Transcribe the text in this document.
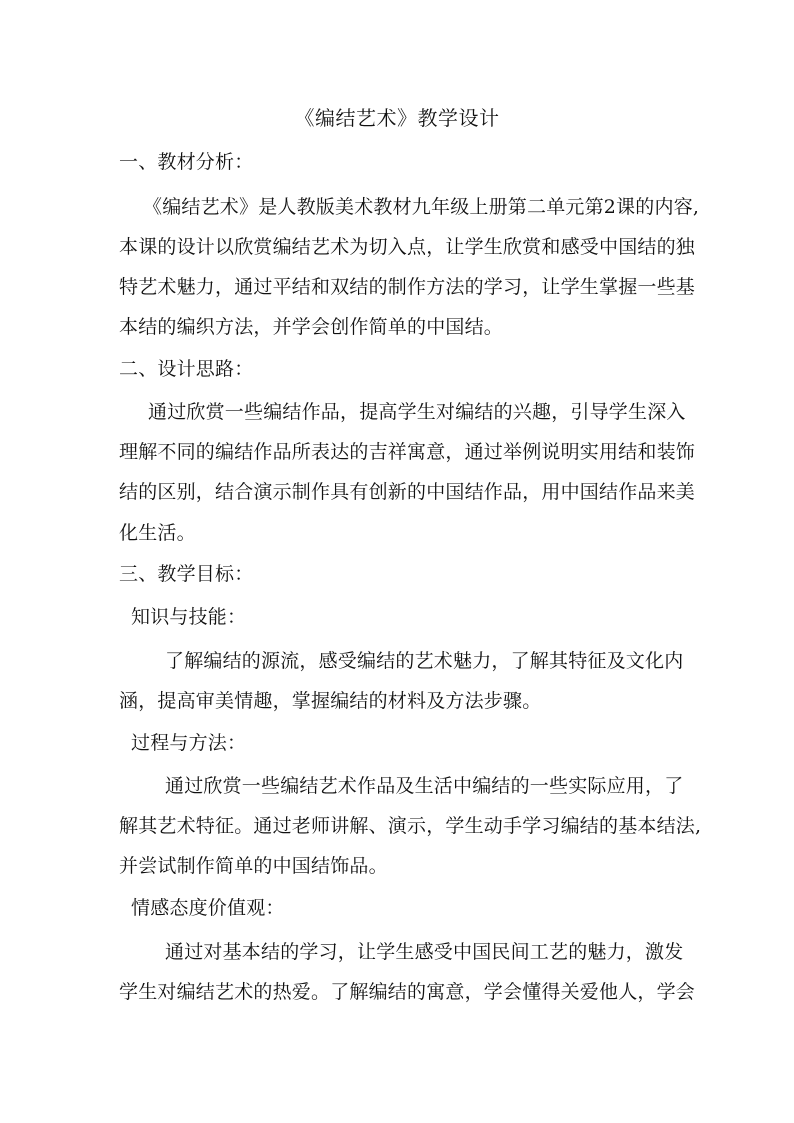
《编结艺术》教学设计
一、教材分析：
《编结艺术》是人教版美术教材九年级上册第二单元第2课的内容,
本课的设计以欣赏编结艺术为切入点，让学生欣赏和感受中国结的独
特艺术魅力，通过平结和双结的制作方法的学习，让学生掌握一些基
本结的编织方法，并学会创作简单的中国结。
二、设计思路：
通过欣赏一些编结作品，提高学生对编结的兴趣，引导学生深入
理解不同的编结作品所表达的吉祥寓意，通过举例说明实用结和装饰
结的区别，结合演示制作具有创新的中国结作品，用中国结作品来美
化生活。
三、教学目标：
知识与技能：
了解编结的源流，感受编结的艺术魅力，了解其特征及文化内
涵，提高审美情趣，掌握编结的材料及方法步骤。
过程与方法：
通过欣赏一些编结艺术作品及生活中编结的一些实际应用，了
解其艺术特征。通过老师讲解、演示，学生动手学习编结的基本结法,
并尝试制作简单的中国结饰品。
情感态度价值观：
通过对基本结的学习，让学生感受中国民间工艺的魅力，激发
学生对编结艺术的热爱。了解编结的寓意，学会懂得关爱他人，学会
